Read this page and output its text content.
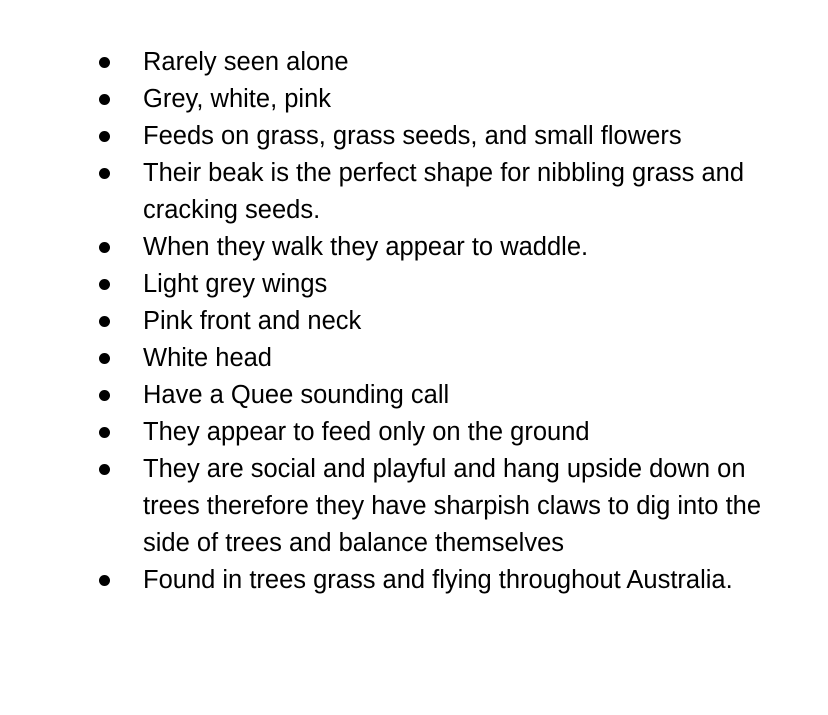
Rarely seen alone
Grey, white, pink
Feeds on grass, grass seeds, and small flowers
Their beak is the perfect shape for nibbling grass and cracking seeds.
When they walk they appear to waddle.
Light grey wings
Pink front and neck
White head
Have a Quee sounding call
They appear to feed only on the ground
They are social and playful and hang upside down on trees therefore they have sharpish claws to dig into the side of trees and balance themselves
Found in trees grass and flying throughout Australia.
